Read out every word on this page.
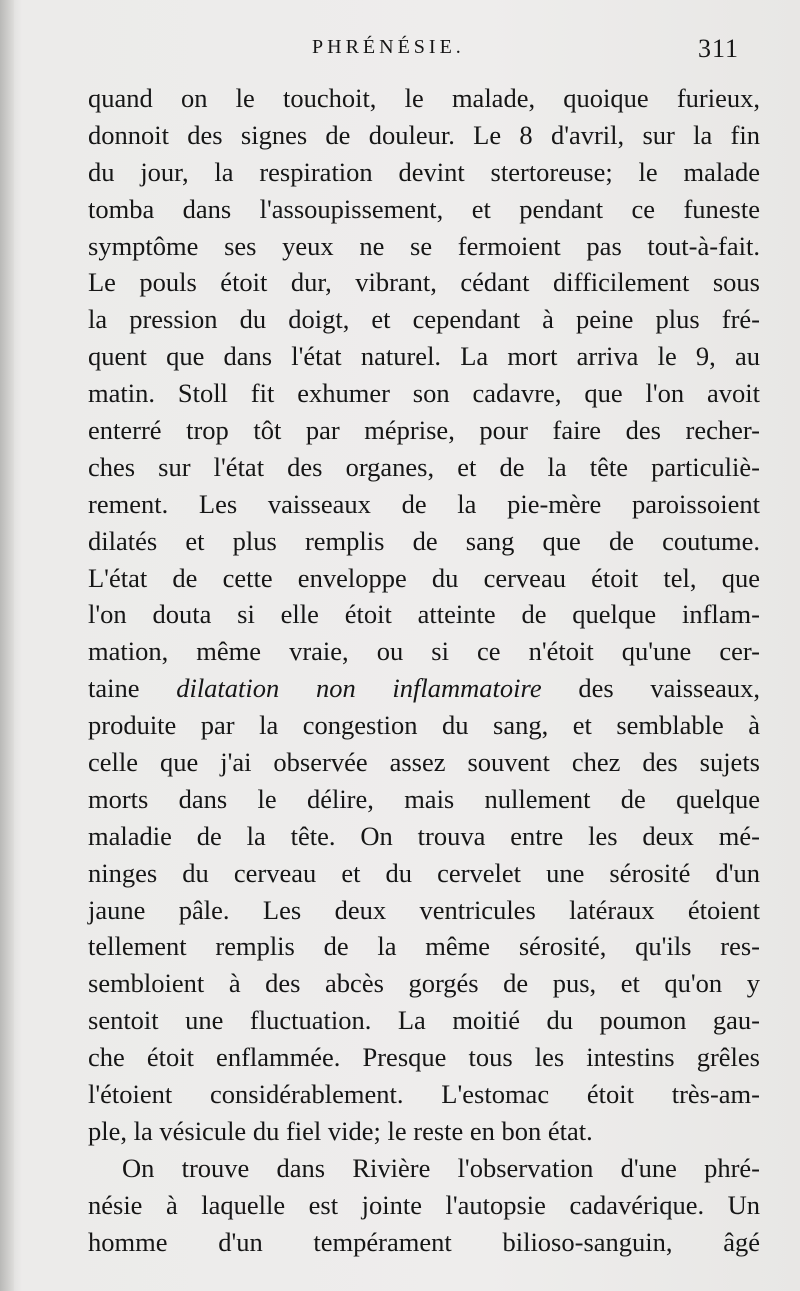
PHRÉNÉSIE.	311
quand on le touchoit, le malade, quoique furieux,
donnoit des signes de douleur. Le 8 d'avril, sur la fin
du jour, la respiration devint stertoreuse; le malade
tomba dans l'assoupissement, et pendant ce funeste
symptôme ses yeux ne se fermoient pas tout-à-fait.
Le pouls étoit dur, vibrant, cédant difficilement sous
la pression du doigt, et cependant à peine plus fré-
quent que dans l'état naturel. La mort arriva le 9, au
matin. Stoll fit exhumer son cadavre, que l'on avoit
enterré trop tôt par méprise, pour faire des recher-
ches sur l'état des organes, et de la tête particuliè-
rement. Les vaisseaux de la pie-mère paroissoient
dilatés et plus remplis de sang que de coutume.
L'état de cette enveloppe du cerveau étoit tel, que
l'on douta si elle étoit atteinte de quelque inflam-
mation, même vraie, ou si ce n'étoit qu'une cer-
taine dilatation non inflammatoire des vaisseaux,
produite par la congestion du sang, et semblable à
celle que j'ai observée assez souvent chez des sujets
morts dans le délire, mais nullement de quelque
maladie de la tête. On trouva entre les deux mé-
ninges du cerveau et du cervelet une sérosité d'un
jaune pâle. Les deux ventricules latéraux étoient
tellement remplis de la même sérosité, qu'ils res-
sembloient à des abcès gorgés de pus, et qu'on y
sentoit une fluctuation. La moitié du poumon gau-
che étoit enflammée. Presque tous les intestins grêles
l'étoient considérablement. L'estomac étoit très-am-
ple, la vésicule du fiel vide; le reste en bon état.
On trouve dans Rivière l'observation d'une phré-
nésie à laquelle est jointe l'autopsie cadavérique. Un
homme d'un tempérament bilioso-sanguin, âgé
